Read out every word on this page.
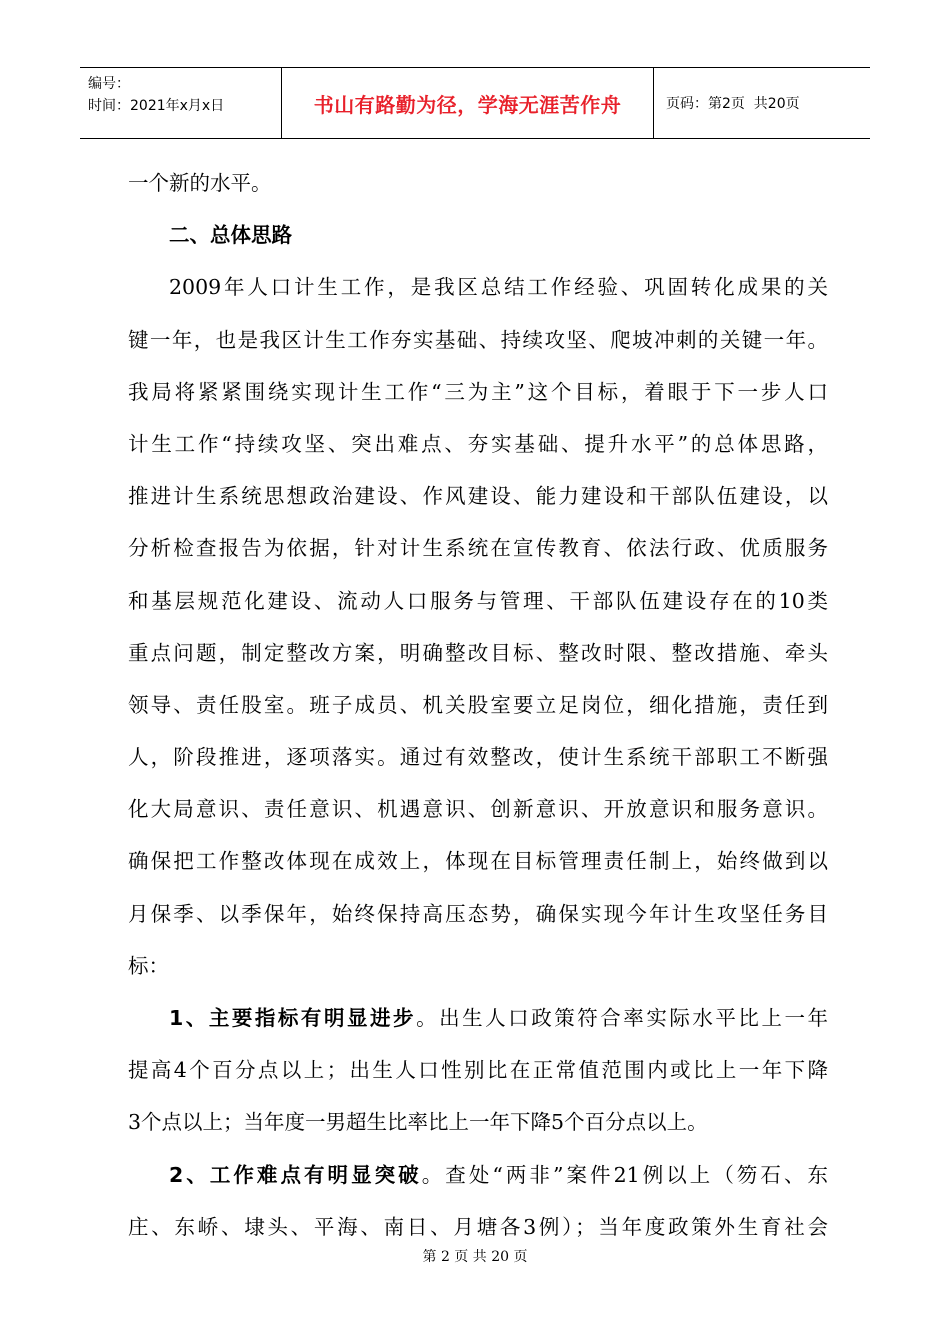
编号：
时间：2021年x月x日	书山有路勤为径，学海无涯苦作舟	页码：第2页  共20页
一个新的水平。
二、总体思路
2009年人口计生工作，是我区总结工作经验、巩固转化成果的关
键一年，也是我区计生工作夯实基础、持续攻坚、爬坡冲刺的关键一年。
我局将紧紧围绕实现计生工作“三为主”这个目标，着眼于下一步人口
计生工作“持续攻坚、突出难点、夯实基础、提升水平”的总体思路，
推进计生系统思想政治建设、作风建设、能力建设和干部队伍建设，以
分析检查报告为依据，针对计生系统在宣传教育、依法行政、优质服务
和基层规范化建设、流动人口服务与管理、干部队伍建设存在的10类
重点问题，制定整改方案，明确整改目标、整改时限、整改措施、牵头
领导、责任股室。班子成员、机关股室要立足岗位，细化措施，责任到
人，阶段推进，逐项落实。通过有效整改，使计生系统干部职工不断强
化大局意识、责任意识、机遇意识、创新意识、开放意识和服务意识。
确保把工作整改体现在成效上，体现在目标管理责任制上，始终做到以
月保季、以季保年，始终保持高压态势，确保实现今年计生攻坚任务目
标：
1、主要指标有明显进步。出生人口政策符合率实际水平比上一年
提高4个百分点以上；出生人口性别比在正常值范围内或比上一年下降
3个点以上；当年度一男超生比率比上一年下降5个百分点以上。
2、工作难点有明显突破。查处“两非”案件21例以上（笏石、东
庄、东峤、埭头、平海、南日、月塘各3例）；当年度政策外生育社会
第 2 页 共 20 页
